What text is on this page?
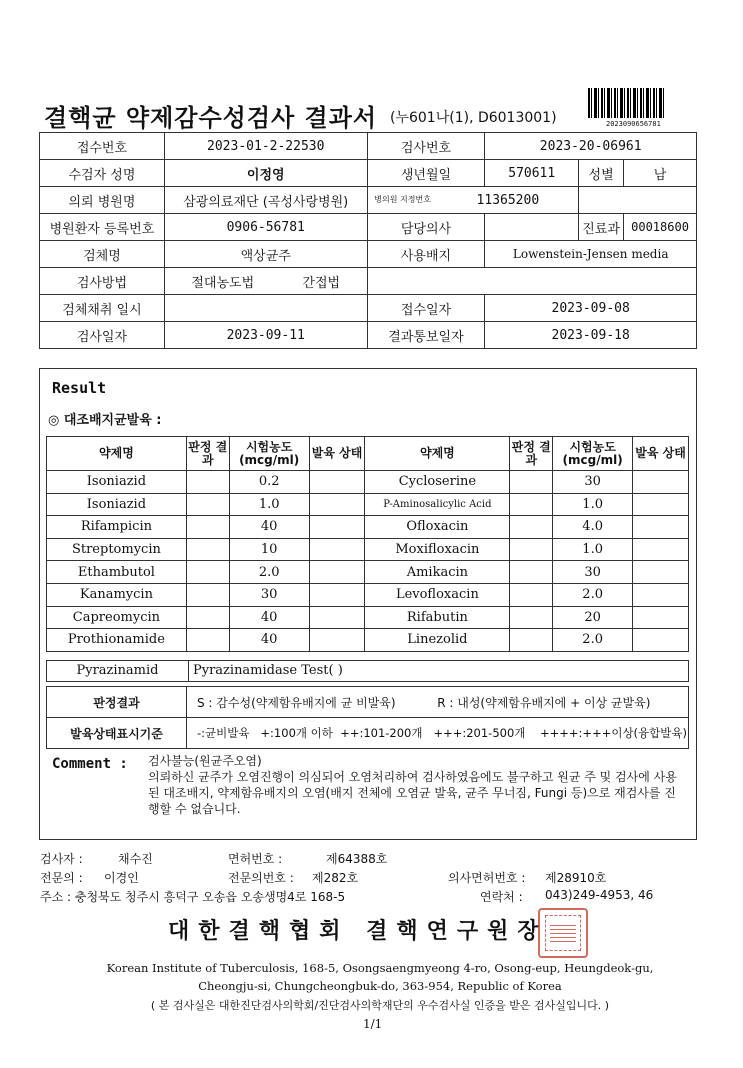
결핵균 약제감수성검사 결과서 (누601나(1), D6013001)	2023090656781
접수번호	2023-01-2-22530	검사번호	2023-20-06961		
수검자 성명	이정영	생년월일	570611	성별	남
의뢰 병원명	삼광의료재단 (곡성사랑병원)	병의원 지정번호 11365200			

병원환자 등록번호	0906-56781	담당의사		진료과	00018600
검체명	액상균주	사용배지	Lowenstein-Jensen media		
검사방법	절대농도법 간접법				
검체채취 일시		접수일자	2023-09-08		
검사일자	2023-09-11	결과통보일자	2023-09-18		
Result
◎ 대조배지균발육 :
약제명	판정 결과	시험농도 (mcg/ml)	발육 상태	약제명	판정 결과	시험농도 (mcg/ml)	발육 상태
Isoniazid		0.2		Cycloserine		30	
Isoniazid		1.0		P-Aminosalicylic Acid		1.0	
Rifampicin		40		Ofloxacin		4.0	
Streptomycin		10		Moxifloxacin		1.0	
Ethambutol		2.0		Amikacin		30	
Kanamycin		30		Levofloxacin		2.0	
Capreomycin		40		Rifabutin		20	
Prothionamide		40		Linezolid		2.0	
Pyrazinamid	Pyrazinamidase Test( )
판정결과	S : 감수성(약제함유배지에 균 비발육) R : 내성(약제함유배지에 + 이상 균발육)
발육상태표시기준	-:균비발육   +:100개 이하  ++:101-200개   +++:201-500개    ++++:+++이상(융합발육)
Comment : 검사불능(원균주오염)
의뢰하신 균주가 오염진행이 의심되어 오염처리하여 검사하였음에도 불구하고 원균 주 및 검사에 사용 된 대조배지, 약제함유배지의 오염(배지 전체에 오염균 발육, 균주 무너짐, Fungi 등)으로 재검사를 진행할 수 없습니다.
검사자 :	채수진	면허번호 :	제64388호
전문의 : 이경인	전문의번호 : 제282호	의사면허번호 : 제28910호
주소 : 충청북도 청주시 흥덕구 오송읍 오송생명4로 168-5	연락처 : 043)249-4953, 46
대한결핵협회 결핵연구원장
Korean Institute of Tuberculosis, 168-5, Osongsaengmyeong 4-ro, Osong-eup, Heungdeok-gu,
Cheongju-si, Chungcheongbuk-do, 363-954, Republic of Korea
( 본 검사실은 대한진단검사의학회/진단검사의학재단의 우수검사실 인증을 받은 검사실입니다. )
1/1
